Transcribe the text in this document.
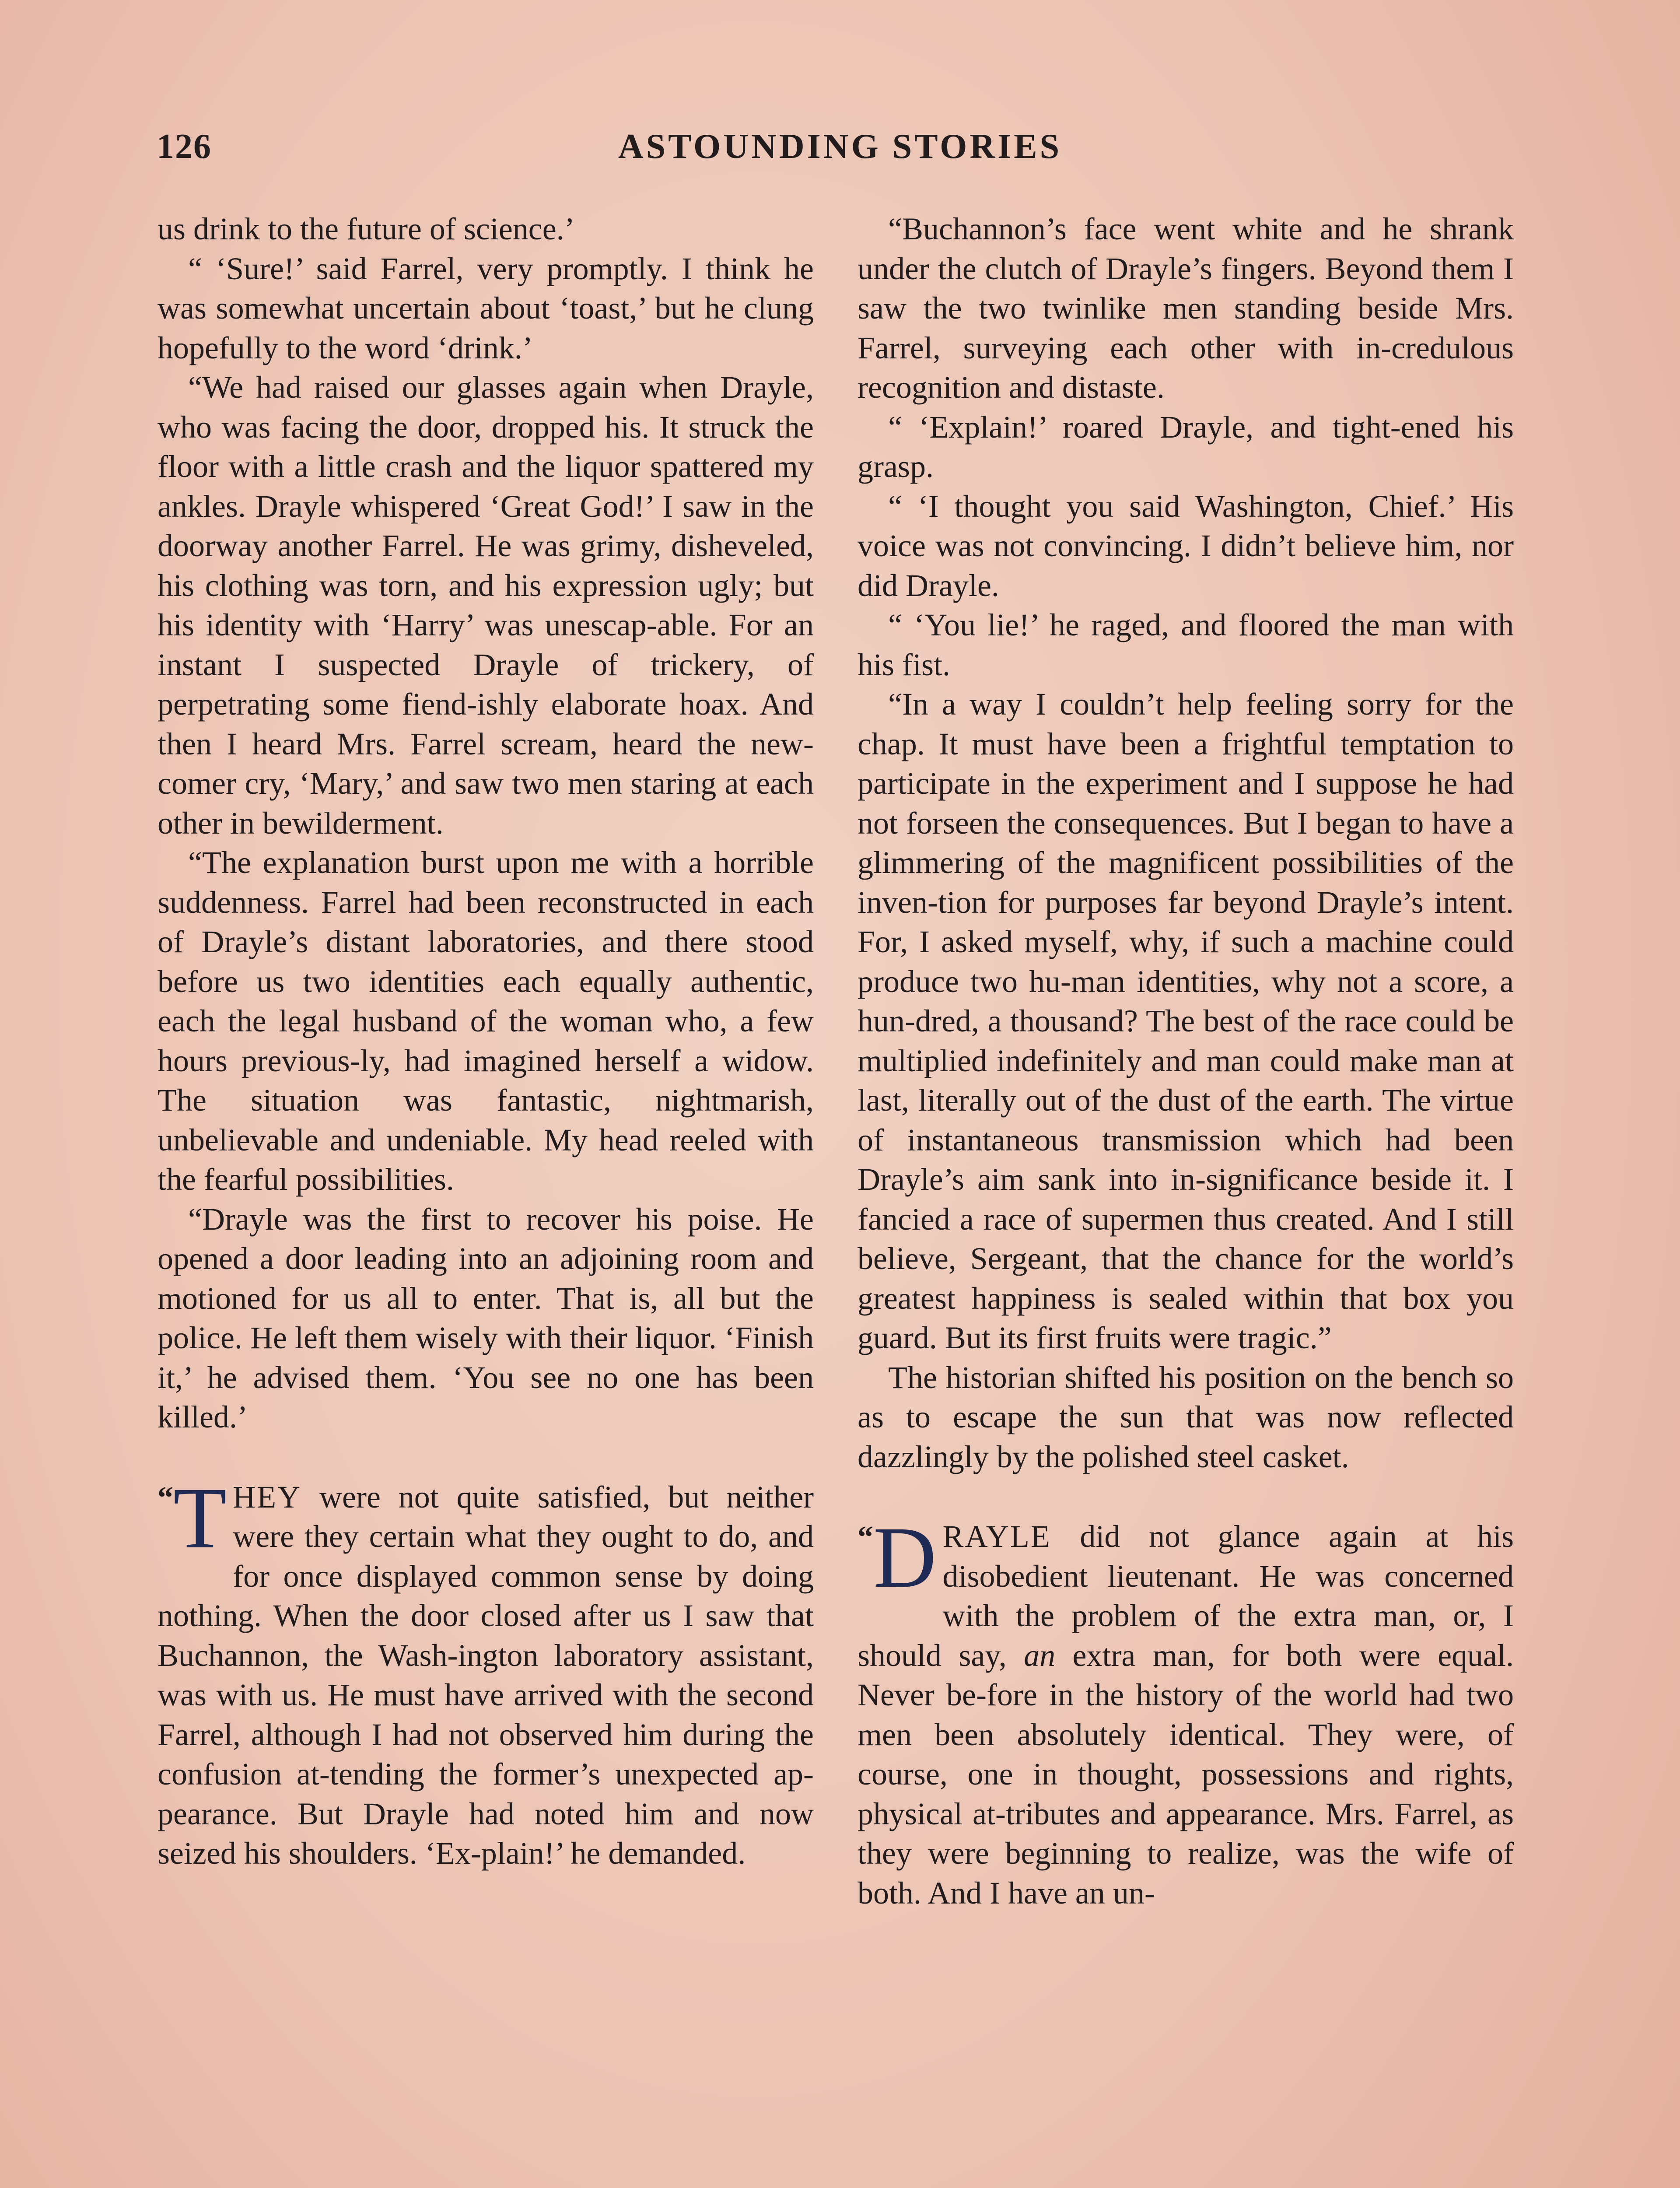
126	ASTOUNDING STORIES

us drink to the future of science.’

“ ‘Sure!’ said Farrel, very promptly. I think he was somewhat uncertain about ‘toast,’ but he clung hopefully to the word ‘drink.’

“We had raised our glasses again when Drayle, who was facing the door, dropped his. It struck the floor with a little crash and the liquor spattered my ankles. Drayle whispered ‘Great God!’ I saw in the doorway another Farrel. He was grimy, disheveled, his clothing was torn, and his expression ugly; but his identity with ‘Harry’ was unescap-able. For an instant I suspected Drayle of trickery, of perpetrating some fiend-ishly elaborate hoax. And then I heard Mrs. Farrel scream, heard the new-comer cry, ‘Mary,’ and saw two men staring at each other in bewilderment.

“The explanation burst upon me with a horrible suddenness. Farrel had been reconstructed in each of Drayle’s distant laboratories, and there stood before us two identities each equally authentic, each the legal husband of the woman who, a few hours previous-ly, had imagined herself a widow. The situation was fantastic, nightmarish, unbelievable and undeniable. My head reeled with the fearful possibilities.

“Drayle was the first to recover his poise. He opened a door leading into an adjoining room and motioned for us all to enter. That is, all but the police. He left them wisely with their liquor. ‘Finish it,’ he advised them. ‘You see no one has been killed.’

“T HEY were not quite satisfied, but neither were they certain what they ought to do, and for once displayed common sense by doing nothing. When the door closed after us I saw that Buchannon, the Wash-ington laboratory assistant, was with us. He must have arrived with the second Farrel, although I had not observed him during the confusion at-tending the former’s unexpected ap-pearance. But Drayle had noted him and now seized his shoulders. ‘Ex-plain!’ he demanded.

“Buchannon’s face went white and he shrank under the clutch of Drayle’s fingers. Beyond them I saw the two twinlike men standing beside Mrs. Farrel, surveying each other with in-credulous recognition and distaste.

“ ‘Explain!’ roared Drayle, and tight-ened his grasp.

“ ‘I thought you said Washington, Chief.’ His voice was not convincing. I didn’t believe him, nor did Drayle.

“ ‘You lie!’ he raged, and floored the man with his fist.

“In a way I couldn’t help feeling sorry for the chap. It must have been a frightful temptation to participate in the experiment and I suppose he had not forseen the consequences. But I began to have a glimmering of the magnificent possibilities of the inven-tion for purposes far beyond Drayle’s intent. For, I asked myself, why, if such a machine could produce two hu-man identities, why not a score, a hun-dred, a thousand? The best of the race could be multiplied indefinitely and man could make man at last, literally out of the dust of the earth. The virtue of instantaneous transmission which had been Drayle’s aim sank into in-significance beside it. I fancied a race of supermen thus created. And I still believe, Sergeant, that the chance for the world’s greatest happiness is sealed within that box you guard. But its first fruits were tragic.”

The historian shifted his position on the bench so as to escape the sun that was now reflected dazzlingly by the polished steel casket.

“D RAYLE did not glance again at his disobedient lieutenant. He was concerned with the problem of the extra man, or, I should say, an extra man, for both were equal. Never be-fore in the history of the world had two men been absolutely identical. They were, of course, one in thought, possessions and rights, physical at-tributes and appearance. Mrs. Farrel, as they were beginning to realize, was the wife of both. And I have an un-
